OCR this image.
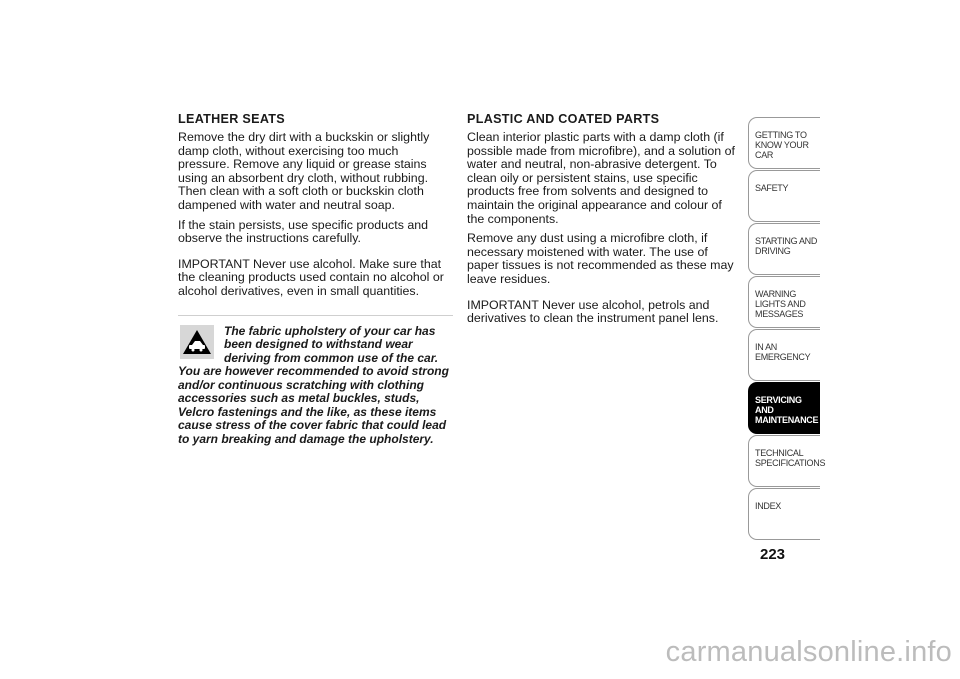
LEATHER SEATS

Remove the dry dirt with a buckskin or slightly damp cloth, without exercising too much pressure. Remove any liquid or grease stains using an absorbent dry cloth, without rubbing. Then clean with a soft cloth or buckskin cloth dampened with water and neutral soap.

If the stain persists, use specific products and observe the instructions carefully.

IMPORTANT Never use alcohol. Make sure that the cleaning products used contain no alcohol or alcohol derivatives, even in small quantities.

The fabric upholstery of your car has been designed to withstand wear deriving from common use of the car. You are however recommended to avoid strong and/or continuous scratching with clothing accessories such as metal buckles, studs, Velcro fastenings and the like, as these items cause stress of the cover fabric that could lead to yarn breaking and damage the upholstery.
PLASTIC AND COATED PARTS

Clean interior plastic parts with a damp cloth (if possible made from microfibre), and a solution of water and neutral, non-abrasive detergent. To clean oily or persistent stains, use specific products free from solvents and designed to maintain the original appearance and colour of the components.

Remove any dust using a microfibre cloth, if necessary moistened with water. The use of paper tissues is not recommended as these may leave residues.

IMPORTANT Never use alcohol, petrols and derivatives to clean the instrument panel lens.

GETTING TO KNOW YOUR CAR
SAFETY
STARTING AND DRIVING
WARNING LIGHTS AND MESSAGES
IN AN EMERGENCY
SERVICING AND MAINTENANCE
TECHNICAL SPECIFICATIONS
INDEX
223
carmanualsonline.info
